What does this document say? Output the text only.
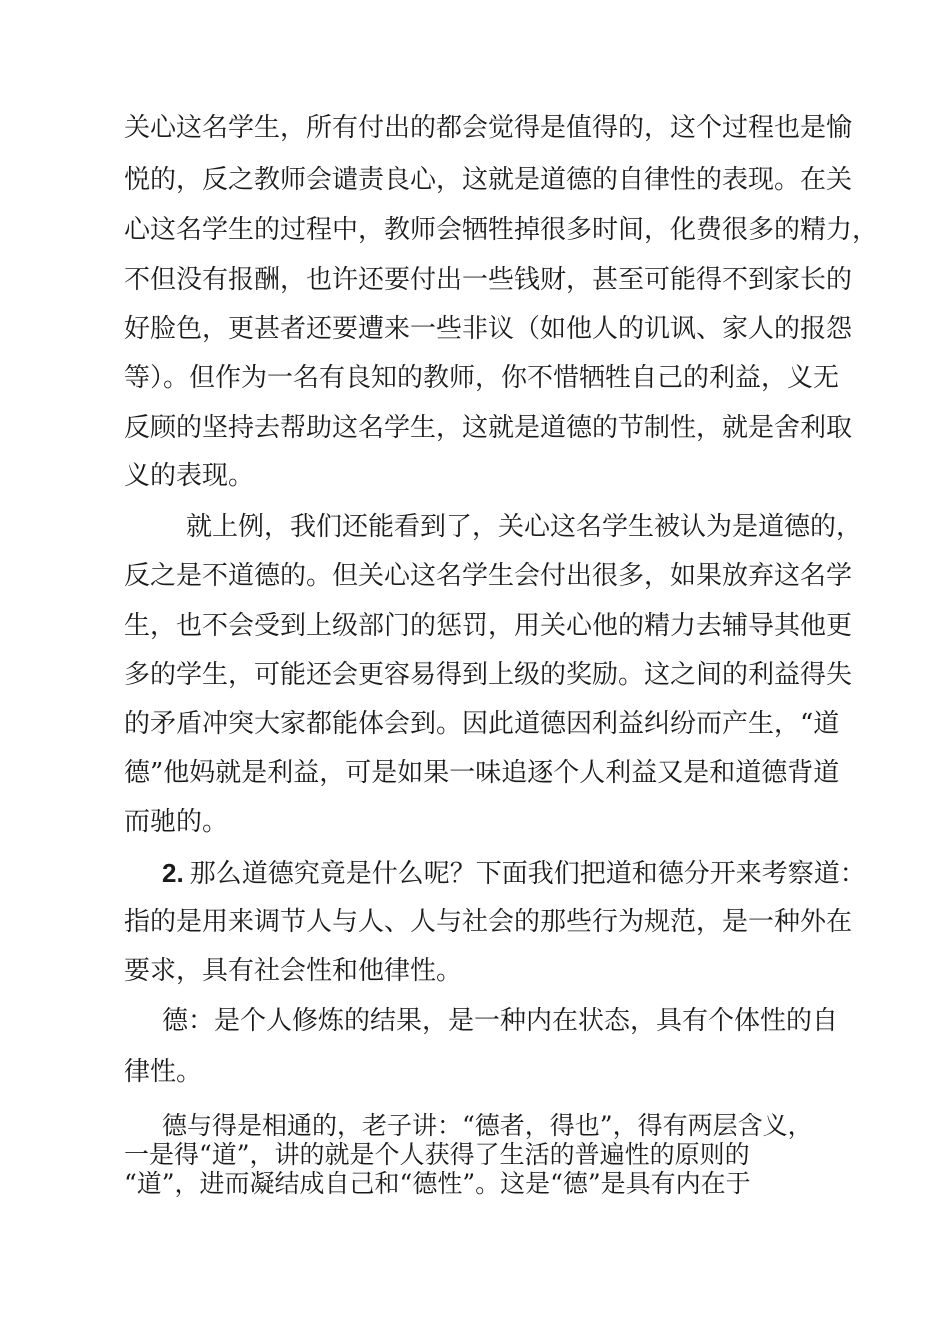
关心这名学生，所有付出的都会觉得是值得的，这个过程也是愉
悦的，反之教师会谴责良心，这就是道德的自律性的表现。在关
心这名学生的过程中，教师会牺牲掉很多时间，化费很多的精力，
不但没有报酬，也许还要付出一些钱财，甚至可能得不到家长的
好脸色，更甚者还要遭来一些非议（如他人的讥讽、家人的报怨
等）。但作为一名有良知的教师，你不惜牺牲自己的利益，义无
反顾的坚持去帮助这名学生，这就是道德的节制性，就是舍利取
义的表现。
就上例，我们还能看到了，关心这名学生被认为是道德的，
反之是不道德的。但关心这名学生会付出很多，如果放弃这名学
生，也不会受到上级部门的惩罚，用关心他的精力去辅导其他更
多的学生，可能还会更容易得到上级的奖励。这之间的利益得失
的矛盾冲突大家都能体会到。因此道德因利益纠纷而产生，“道
德”他妈就是利益，可是如果一味追逐个人利益又是和道德背道
而驰的。
2. 那么道德究竟是什么呢？下面我们把道和德分开来考察道：
指的是用来调节人与人、人与社会的那些行为规范，是一种外在
要求，具有社会性和他律性。
德：是个人修炼的结果，是一种内在状态，具有个体性的自
律性。
德与得是相通的，老子讲：“德者，得也”，得有两层含义，
一是得“道”，讲的就是个人获得了生活的普遍性的原则的
“道”，进而凝结成自己和“德性”。这是“德”是具有内在于
